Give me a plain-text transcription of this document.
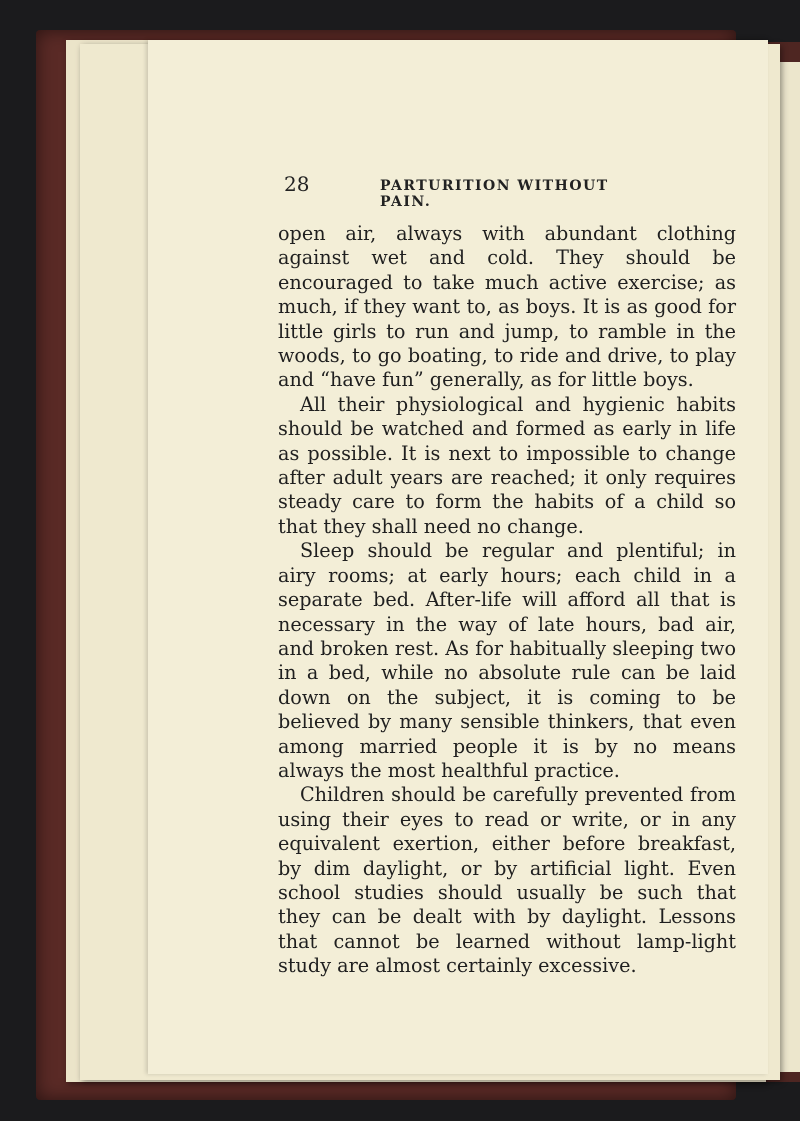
28	PARTURITION WITHOUT PAIN.

open air, always with abundant clothing against wet and cold. They should be encouraged to take much active exercise; as much, if they want to, as boys. It is as good for little girls to run and jump, to ramble in the woods, to go boating, to ride and drive, to play and “have fun” generally, as for little boys.

All their physiological and hygienic habits should be watched and formed as early in life as possible. It is next to impossible to change after adult years are reached; it only requires steady care to form the habits of a child so that they shall need no change.

Sleep should be regular and plentiful; in airy rooms; at early hours; each child in a separate bed. After-life will afford all that is necessary in the way of late hours, bad air, and broken rest. As for habitually sleeping two in a bed, while no absolute rule can be laid down on the subject, it is coming to be believed by many sensible thinkers, that even among married people it is by no means always the most healthful practice.

Children should be carefully prevented from using their eyes to read or write, or in any equivalent exertion, either before breakfast, by dim daylight, or by artificial light. Even school studies should usually be such that they can be dealt with by daylight. Lessons that cannot be learned without lamp-light study are almost certainly excessive.
